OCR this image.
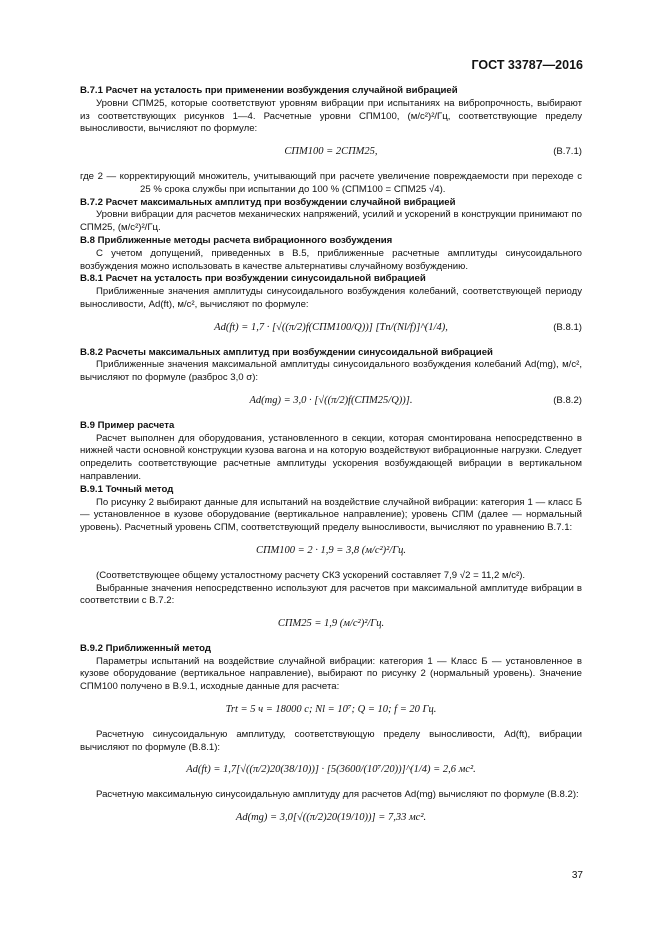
ГОСТ 33787—2016
В.7.1 Расчет на усталость при применении возбуждения случайной вибрацией
Уровни СПМ25, которые соответствуют уровням вибрации при испытаниях на вибропрочность, выбирают из соответствующих рисунков 1—4. Расчетные уровни СПМ100, (м/с²)²/Гц, соответствующие пределу выносливости, вычисляют по формуле:
СПМ100 = 2СПМ25,	(В.7.1)
где 2 — корректирующий множитель, учитывающий при расчете увеличение повреждаемости при переходе с 25 % срока службы при испытании до 100 % (СПМ100 = СПМ25 √4).
В.7.2 Расчет максимальных амплитуд при возбуждении случайной вибрацией
Уровни вибрации для расчетов механических напряжений, усилий и ускорений в конструкции принимают по СПМ25, (м/с²)²/Гц.
В.8 Приближенные методы расчета вибрационного возбуждения
С учетом допущений, приведенных в В.5, приближенные расчетные амплитуды синусоидального возбуждения можно использовать в качестве альтернативы случайному возбуждению.
В.8.1 Расчет на усталость при возбуждении синусоидальной вибрацией
Приближенные значения амплитуды синусоидального возбуждения колебаний, соответствующей периоду выносливости, Ad(ft), м/с², вычисляют по формуле:
Ad(ft) = 1,7 · [√((π/2)f(СПМ100/Q))] [Tn/(Nl/f)]^(1/4),	(В.8.1)
В.8.2 Расчеты максимальных амплитуд при возбуждении синусоидальной вибрацией
Приближенные значения максимальной амплитуды синусоидального возбуждения колебаний Ad(mg), м/с², вычисляют по формуле (разброс 3,0 σ):
Ad(mg) = 3,0 · [√((π/2)f(СПМ25/Q))].	(В.8.2)
В.9 Пример расчета
Расчет выполнен для оборудования, установленного в секции, которая смонтирована непосредственно в нижней части основной конструкции кузова вагона и на которую воздействуют вибрационные нагрузки. Следует определить соответствующие расчетные амплитуды ускорения возбуждающей вибрации в вертикальном направлении.
В.9.1 Точный метод
По рисунку 2 выбирают данные для испытаний на воздействие случайной вибрации: категория 1 — класс Б — установленное в кузове оборудование (вертикальное направление); уровень СПМ (далее — нормальный уровень). Расчетный уровень СПМ, соответствующий пределу выносливости, вычисляют по уравнению В.7.1:
СПМ100 = 2 · 1,9 = 3,8 (м/с²)²/Гц.
(Соответствующее общему усталостному расчету СКЗ ускорений составляет 7,9 √2 = 11,2 м/с²).
Выбранные значения непосредственно используют для расчетов при максимальной амплитуде вибрации в соответствии с В.7.2:
СПМ25 = 1,9 (м/с²)²/Гц.
В.9.2 Приближенный метод
Параметры испытаний на воздействие случайной вибрации: категория 1 — Класс Б — установленное в кузове оборудование (вертикальное направление), выбирают по рисунку 2 (нормальный уровень). Значение СПМ100 получено в В.9.1, исходные данные для расчета:
Trt = 5 ч = 18000 с; Nl = 10⁷; Q = 10; f = 20 Гц.
Расчетную синусоидальную амплитуду, соответствующую пределу выносливости, Ad(ft), вибрации вычисляют по формуле (В.8.1):
Ad(ft) = 1,7[√((π/2)20(38/10))] · [5(3600/(10⁷/20))]^(1/4) = 2,6 мс².
Расчетную максимальную синусоидальную амплитуду для расчетов Ad(mg) вычисляют по формуле (В.8.2):
Ad(mg) = 3,0[√((π/2)20(19/10))] = 7,33 мс².
37
